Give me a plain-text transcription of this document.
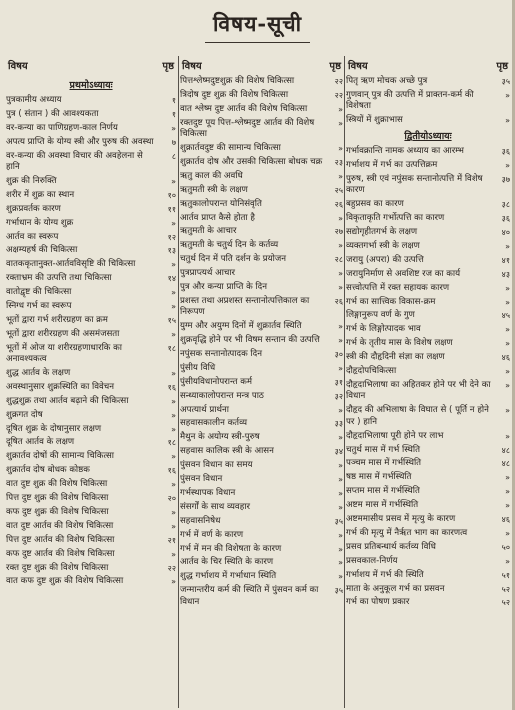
विषय-सूची
विषय	पृष्ठ
प्रथमोऽध्यायः
पुत्रकामीय अध्याय	१
पुत्र ( संतान ) की आवश्यकता	१
वर-कन्या का पाणिग्रहण-काल निर्णय	»
अपत्य प्राप्ति के योग्य स्त्री और पुरुष की अवस्था	७
वर-कन्या की अवस्था विचार की अवहेलना से हानि
८
शुक्र की निरुक्ति	»
शरीर में शुक्र का स्थान	१०
शुक्रप्रवर्तक कारण	११
गर्भाधान के योग्य शुक्र	»
आर्तव का स्वरूप	१२
अक्षम्यहर्ष की चिकित्सा	१३
वातककृतानुक्त-आर्तवविसृष्टि की चिकित्सा	»
रक्ताभ्रम की उत्पत्ति तथा चिकित्सा	१४
वातोद्वृष्ट की चिकित्सा	»
स्निग्ध गर्भ का स्वरूप	»
भूतों द्वारा गर्भ शरीरग्रहण का क्रम	१५
भूतों द्वारा शरीरग्रहण की असमंजसता	»
भूतों में ओज या शरीरग्रहणाधारकि का अनावश्यकत्व
१८
शुद्ध आर्तव के लक्षण	»
अवस्थानुसार शुक्रस्थिति का विवेचन	१६
शुद्धशुक्र तथा आर्तव बढ़ाने की चिकित्सा	»
शुक्रगत दोष	»
दूषित शुक्र के दोषानुसार लक्षण	»
दूषित आर्तव के लक्षण	१८
शुक्रार्तव दोषों की सामान्य चिकित्सा	»
शुक्रार्तव दोष बोधक कोष्ठक	१६
वात दुष्ट शुक्र की विशेष चिकित्सा	»
पित्त दुष्ट शुक्र की विशेष चिकित्सा	२०
कफ दुष्ट शुक्र की विशेष चिकित्सा	»
वात दुष्ट आर्तव की विशेष चिकित्सा	»
पित्त दुष्ट आर्तव की विशेष चिकित्सा	२१
कफ दुष्ट आर्तव की विशेष चिकित्सा	»
रक्त दुष्ट शुक्र की विशेष चिकित्सा	२२
वात कफ दुष्ट शुक्र की विशेष चिकित्सा	»
विषय	पृष्ठ
पित्तश्लेष्मदुष्टशुक्र की विशेष चिकित्सा	२२
त्रिदोष दुष्ट शुक्र की विशेष चिकित्सा	२२
वात श्लेष्म दुष्ट आर्तव की विशेष चिकित्सा	»
रक्तदुष्ट पूय पित्त-श्लेष्मदुष्ट आर्तव की विशेष चिकित्सा
»
शुक्रार्तवदुष्ट की सामान्य चिकित्सा	»
शुक्रार्तव दोष और उसकी चिकित्सा बोधक चक्र	२३
ऋतु काल की अवधि	»
ऋतुमती स्त्री के लक्षण	२५
ऋतुकालोपरान्त योनिसंवृति	२६
आर्तव प्राप्त कैसे होता है	»
ऋतुमती के आचार	२७
ऋतुमती के चतुर्थ दिन के कर्तव्य	»
चतुर्थ दिन में पति दर्शन के प्रयोजन	२८
पुत्रप्राप्त्यर्थ आचार	»
पुत्र और कन्या प्राप्ति के दिन	»
प्रशस्त तथा अप्रशस्त सन्तानोत्पत्तिकाल का निरूपण
२६
युग्म और अयुग्म दिनों में शुक्रार्तव स्थिति	»
शुक्रवृद्धि होने पर भी विषम सन्तान की उत्पत्ति	»
नपुंसक सन्तानोत्पादक दिन	३०
पुंसीय विधि	»
पुंसीयविधानोपरान्त कर्म	३१
सन्ध्याकालोपरान्त मन्त्र पाठ	३२
अपत्यार्थ प्रार्थना	»
सहवासकालीन कर्तव्य	३३
मैथुन के अयोग्य स्त्री-पुरुष	»
सहवास कालिक स्त्री के आसन	३४
पुंसवन विधान का समय	»
पुंसवन विधान	»
गर्भस्थापक विधान	»
संसर्गों के साथ व्यवहार	»
सहवासनिषेध	३५
गर्भ में वर्ण के कारण	»
गर्भ में मन की विशेषता के कारण	»
आर्तव के चिर स्थिति के कारण	»
शुद्ध गर्भाशय में गर्भाधान स्थिति	»
जन्मान्तरीय कर्म की स्थिति में पुंसवन कर्म का विधान
३५
विषय	पृष्ठ
पितृ ऋण मोचक अच्छे पुत्र	३५
गुणवान् पुत्र की उत्पत्ति में प्राक्तन-कर्म की विशेषता
»
स्त्रियों में शुक्राभास	»
द्वितीयोऽध्यायः
गर्भावक्रान्ति नामक अध्याय का आरम्भ	३६
गर्भाशय में गर्भ का उत्पत्तिक्रम	»
पुरुष, स्त्री एवं नपुंसक सन्तानोत्पत्ति में विशेष कारण
३७
बहुप्रसव का कारण	३८
विकृताकृति गर्भोत्पत्ति का कारण	३६
सद्योगृहीतगर्भ के लक्षण	४०
व्यक्तगर्भा स्त्री के लक्षण	»
जरायु (अपरा) की उत्पत्ति	४१
जरायुनिर्माण से अवशिष्ट रज का कार्य	४३
सत्त्वोत्पत्ति में रक्त सहायक कारण	»
गर्भ का सात्त्विक विकास-क्रम	»
लिङ्गानुरूप वर्ण के गुण	४५
गर्भ के लिङ्गोत्पादक भाव	»
गर्भ के तृतीय मास के विशेष लक्षण	»
स्त्री की दौहृदिनी संज्ञा का लक्षण	४६
दौहृदोपचिकित्सा	»
दौहृदाभिलाषा का अहितकर होने पर भी देने का विधान
»
दौहृद की अभिलाषा के विघात से ( पूर्ति न होने पर ) हानि
»
दौहृदाभिलाषा पूरी होने पर लाभ	»
चतुर्थ मास में गर्भ स्थिति	४८
पञ्चम मास में गर्भस्थिति	४८
षष्ठ मास में गर्भस्थिति	»
सप्तम मास में गर्भस्थिति	»
अष्टम मास में गर्भस्थिति	»
अष्टममासीय प्रसव में मृत्यु के कारण	४६
गर्भ की मृत्यु में नैर्ऋत भाग का कारणत्व	»
प्रसव प्रतिबन्धार्थ कर्तव्य विधि	५०
प्रसवकाल-निर्णय	»
गर्भाशय में गर्भ की स्थिति	५१
माता के अनुकूल गर्भ का प्रसवन	५२
गर्भ का पोषण प्रकार	५२
